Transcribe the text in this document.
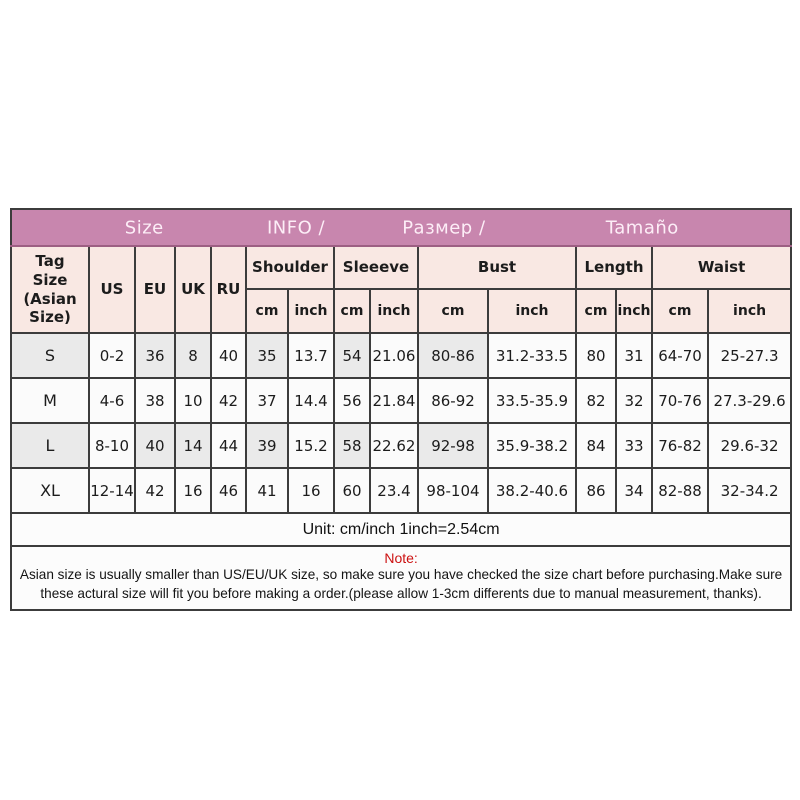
Size INFO / Размер / Tamaño														

Tag Size (Asian Size)	US	EU	UK	RU	Shoulder		Sleeeve		Bust		Length		Waist	
					cm	inch	cm	inch	cm	inch	cm	inch	cm	inch
S	0-2	36	8	40	35	13.7	54	21.06	80-86	31.2-33.5	80	31	64-70	25-27.3
M	4-6	38	10	42	37	14.4	56	21.84	86-92	33.5-35.9	82	32	70-76	27.3-29.6
L	8-10	40	14	44	39	15.2	58	22.62	92-98	35.9-38.2	84	33	76-82	29.6-32
XL	12-14	42	16	46	41	16	60	23.4	98-104	38.2-40.6	86	34	82-88	32-34.2
Unit: cm/inch 1inch=2.54cm														

Note:
Asian size is usually smaller than US/EU/UK size, so make sure you have checked the size chart before purchasing.Make sure these actural size will fit you before making a order.(please allow 1-3cm differents due to manual measurement, thanks).														
